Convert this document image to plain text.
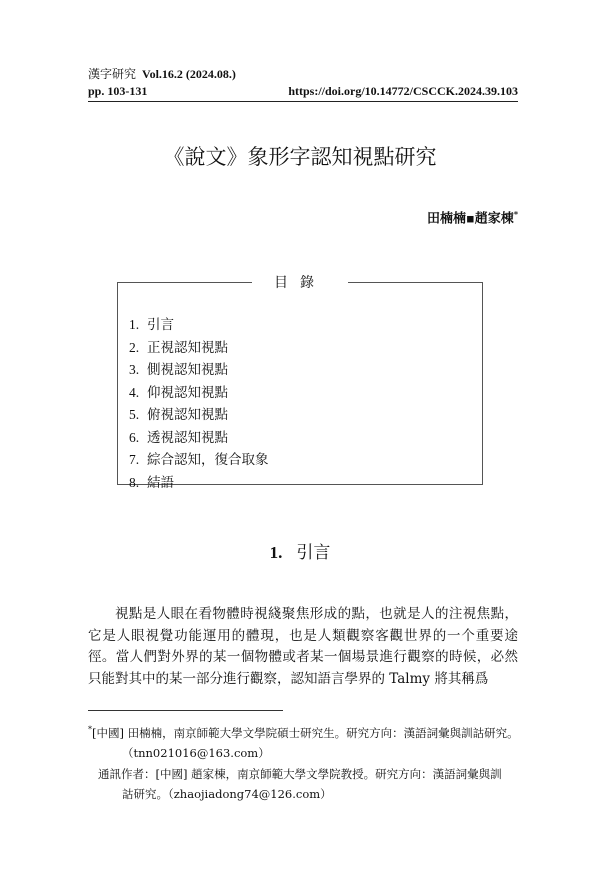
漢字研究 Vol.16.2 (2024.08.)
pp. 103-131	https://doi.org/10.14772/CSCCK.2024.39.103
《說文》象形字認知視點研究
田楠楠▪趙家棟*
目錄
1. 引言
2. 正視認知視點
3. 側視認知視點
4. 仰視認知視點
5. 俯視認知視點
6. 透視認知視點
7. 綜合認知，復合取象
8. 結語
1. 引言

視點是人眼在看物體時視綫聚焦形成的點，也就是人的注視焦點，它是人眼視覺功能運用的體現，也是人類觀察客觀世界的一个重要途徑。當人們對外界的某一個物體或者某一個場景進行觀察的時候，必然只能對其中的某一部分進行觀察，認知語言學界的 Talmy 將其稱爲

*[中國] 田楠楠，南京師範大學文學院碩士研究生。研究方向：漢語詞彙與訓詁研究。
（tnn021016@163.com）
通訊作者：[中國] 趙家棟，南京師範大學文學院教授。研究方向：漢語詞彙與訓
詁研究。（zhaojiadong74@126.com）
